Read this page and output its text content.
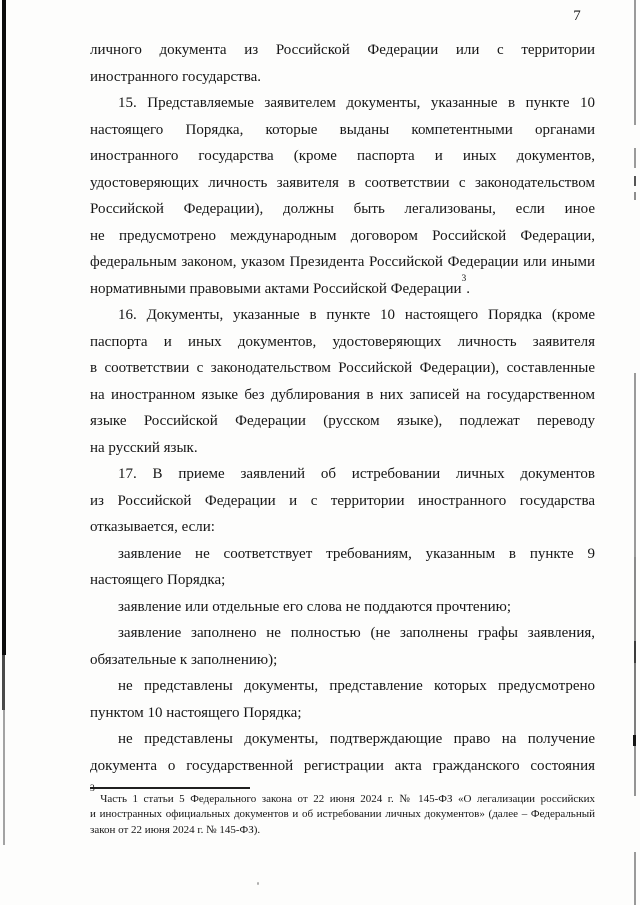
7
личного документа из Российской Федерации или с территории
иностранного государства.
15. Представляемые заявителем документы, указанные в пункте 10
настоящего Порядка, которые выданы компетентными органами
иностранного государства (кроме паспорта и иных документов,
удостоверяющих личность заявителя в соответствии с законодательством
Российской Федерации), должны быть легализованы, если иное
не предусмотрено международным договором Российской Федерации,
федеральным законом, указом Президента Российской Федерации или иными
нормативными правовыми актами Российской Федерации$^3$.
16. Документы, указанные в пункте 10 настоящего Порядка (кроме
паспорта и иных документов, удостоверяющих личность заявителя
в соответствии с законодательством Российской Федерации), составленные
на иностранном языке без дублирования в них записей на государственном
языке Российской Федерации (русском языке), подлежат переводу
на русский язык.
17. В приеме заявлений об истребовании личных документов
из Российской Федерации и с территории иностранного государства
отказывается, если:
заявление не соответствует требованиям, указанным в пункте 9
настоящего Порядка;
заявление или отдельные его слова не поддаются прочтению;
заявление заполнено не полностью (не заполнены графы заявления,
обязательные к заполнению);
не представлены документы, представление которых предусмотрено
пунктом 10 настоящего Порядка;
не представлены документы, подтверждающие право на получение
документа о государственной регистрации акта гражданского состояния
$^3$ Часть 1 статьи 5 Федерального закона от 22 июня 2024 г. № 145-ФЗ «О легализации российских
и иностранных официальных документов и об истребовании личных документов» (далее – Федеральный
закон от 22 июня 2024 г. № 145-ФЗ).
